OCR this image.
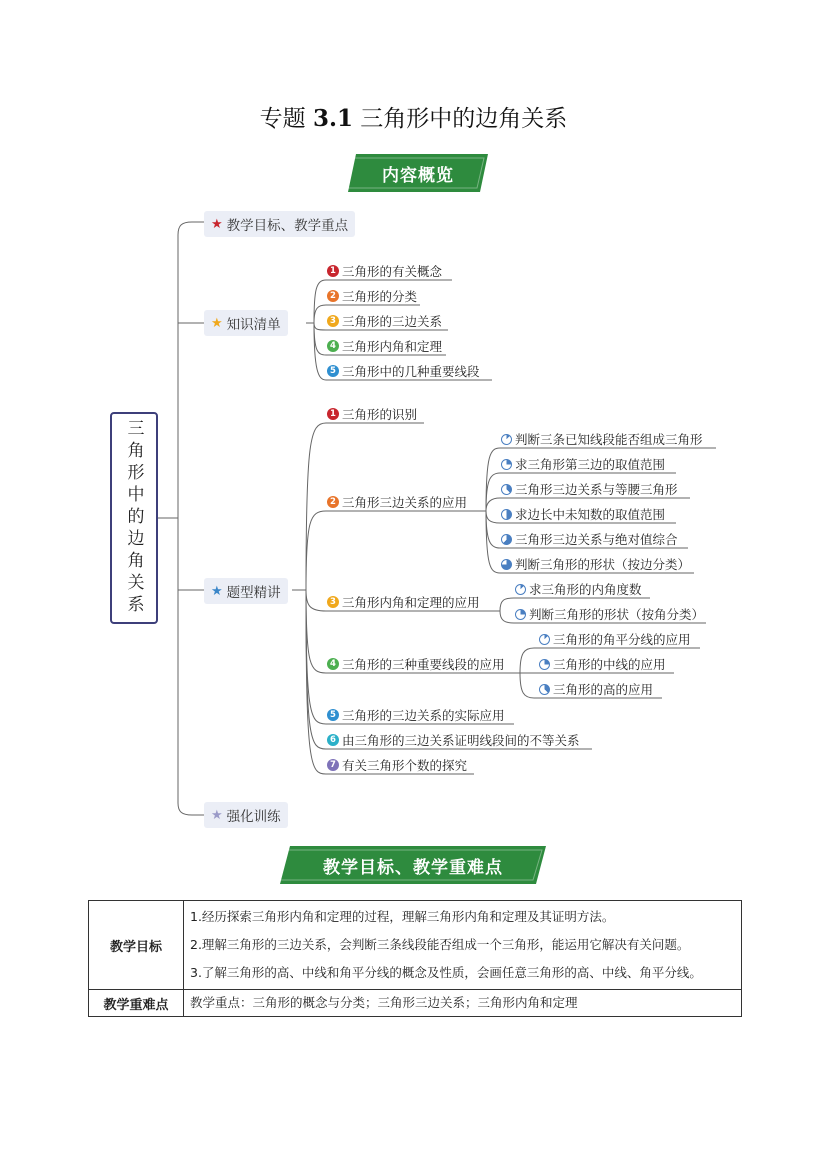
专题 3.1 三角形中的边角关系
内容概览
三角形中的边角关系
★ 教学目标、教学重点
★ 知识清单
★ 题型精讲
★ 强化训练
1 三角形的有关概念
2 三角形的分类
3 三角形的三边关系
4 三角形内角和定理
5 三角形中的几种重要线段
1 三角形的识别
2 三角形三边关系的应用
3 三角形内角和定理的应用
4 三角形的三种重要线段的应用
5 三角形的三边关系的实际应用
6 由三角形的三边关系证明线段间的不等关系
7 有关三角形个数的探究
判断三条已知线段能否组成三角形
求三角形第三边的取值范围
三角形三边关系与等腰三角形
求边长中未知数的取值范围
三角形三边关系与绝对值综合
判断三角形的形状（按边分类）
求三角形的内角度数
判断三角形的形状（按角分类）
三角形的角平分线的应用
三角形的中线的应用
三角形的高的应用
教学目标、教学重难点
教学目标	1.经历探索三角形内角和定理的过程，理解三角形内角和定理及其证明方法。

2.理解三角形的三边关系，会判断三条线段能否组成一个三角形，能运用它解决有关问题。

3.了解三角形的高、中线和角平分线的概念及性质，会画任意三角形的高、中线、角平分线。

教学重难点	教学重点：三角形的概念与分类；三角形三边关系；三角形内角和定理
